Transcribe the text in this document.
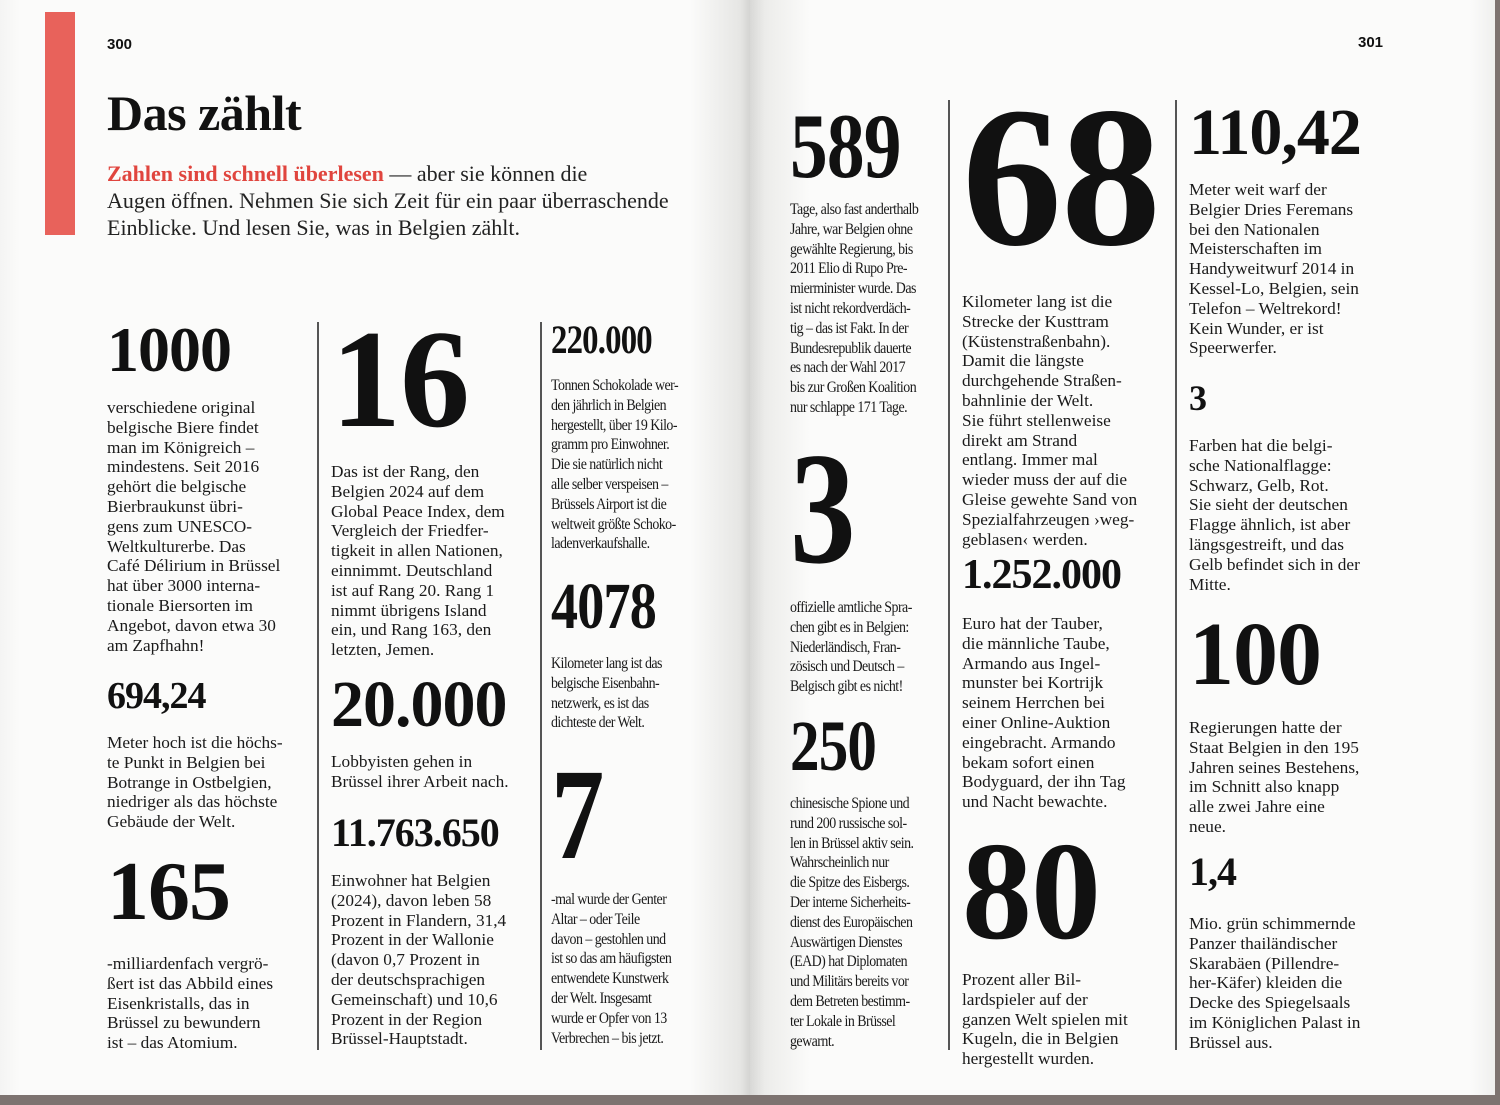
300	301
Das zählt
Zahlen sind schnell überlesen — aber sie können die
Augen öffnen. Nehmen Sie sich Zeit für ein paar überraschende
Einblicke. Und lesen Sie, was in Belgien zählt.
1000
verschiedene original
belgische Biere findet
man im Königreich –
mindestens. Seit 2016
gehört die belgische
Bierbraukunst übri-
gens zum UNESCO-
Weltkulturerbe. Das
Café Délirium in Brüssel
hat über 3000 interna-
tionale Biersorten im
Angebot, davon etwa 30
am Zapfhahn!
694,24
Meter hoch ist die höchs-
te Punkt in Belgien bei
Botrange in Ostbelgien,
niedriger als das höchste
Gebäude der Welt.
165
-milliardenfach vergrö-
ßert ist das Abbild eines
Eisenkristalls, das in
Brüssel zu bewundern
ist – das Atomium.
16
Das ist der Rang, den
Belgien 2024 auf dem
Global Peace Index, dem
Vergleich der Friedfer-
tigkeit in allen Nationen,
einnimmt. Deutschland
ist auf Rang 20. Rang 1
nimmt übrigens Island
ein, und Rang 163, den
letzten, Jemen.
20.000
Lobbyisten gehen in
Brüssel ihrer Arbeit nach.
11.763.650
Einwohner hat Belgien
(2024), davon leben 58
Prozent in Flandern, 31,4
Prozent in der Wallonie
(davon 0,7 Prozent in
der deutschsprachigen
Gemeinschaft) und 10,6
Prozent in der Region
Brüssel-Hauptstadt.
220.000
Tonnen Schokolade wer-
den jährlich in Belgien
hergestellt, über 19 Kilo-
gramm pro Einwohner.
Die sie natürlich nicht
alle selber verspeisen –
Brüssels Airport ist die
weltweit größte Schoko-
ladenverkaufshalle.
4078
Kilometer lang ist das
belgische Eisenbahn-
netzwerk, es ist das
dichteste der Welt.
7
-mal wurde der Genter
Altar – oder Teile
davon – gestohlen und
ist so das am häufigsten
entwendete Kunstwerk
der Welt. Insgesamt
wurde er Opfer von 13
Verbrechen – bis jetzt.
589
Tage, also fast anderthalb
Jahre, war Belgien ohne
gewählte Regierung, bis
2011 Elio di Rupo Pre-
mierminister wurde. Das
ist nicht rekordverdäch-
tig – das ist Fakt. In der
Bundesrepublik dauerte
es nach der Wahl 2017
bis zur Großen Koalition
nur schlappe 171 Tage.
3
offizielle amtliche Spra-
chen gibt es in Belgien:
Niederländisch, Fran-
zösisch und Deutsch –
Belgisch gibt es nicht!
250
chinesische Spione und
rund 200 russische sol-
len in Brüssel aktiv sein.
Wahrscheinlich nur
die Spitze des Eisbergs.
Der interne Sicherheits-
dienst des Europäischen
Auswärtigen Dienstes
(EAD) hat Diplomaten
und Militärs bereits vor
dem Betreten bestimm-
ter Lokale in Brüssel
gewarnt.
68
Kilometer lang ist die
Strecke der Kusttram
(Küstenstraßenbahn).
Damit die längste
durchgehende Straßen-
bahnlinie der Welt.
Sie führt stellenweise
direkt am Strand
entlang. Immer mal
wieder muss der auf die
Gleise gewehte Sand von
Spezialfahrzeugen ›weg-
geblasen‹ werden.
1.252.000
Euro hat der Tauber,
die männliche Taube,
Armando aus Ingel-
munster bei Kortrijk
seinem Herrchen bei
einer Online-Auktion
eingebracht. Armando
bekam sofort einen
Bodyguard, der ihn Tag
und Nacht bewachte.
80
Prozent aller Bil-
lardspieler auf der
ganzen Welt spielen mit
Kugeln, die in Belgien
hergestellt wurden.
110,42
Meter weit warf der
Belgier Dries Feremans
bei den Nationalen
Meisterschaften im
Handyweitwurf 2014 in
Kessel-Lo, Belgien, sein
Telefon – Weltrekord!
Kein Wunder, er ist
Speerwerfer.
3
Farben hat die belgi-
sche Nationalflagge:
Schwarz, Gelb, Rot.
Sie sieht der deutschen
Flagge ähnlich, ist aber
längsgestreift, und das
Gelb befindet sich in der
Mitte.
100
Regierungen hatte der
Staat Belgien in den 195
Jahren seines Bestehens,
im Schnitt also knapp
alle zwei Jahre eine
neue.
1,4
Mio. grün schimmernde
Panzer thailändischer
Skarabäen (Pillendre-
her-Käfer) kleiden die
Decke des Spiegelsaals
im Königlichen Palast in
Brüssel aus.
